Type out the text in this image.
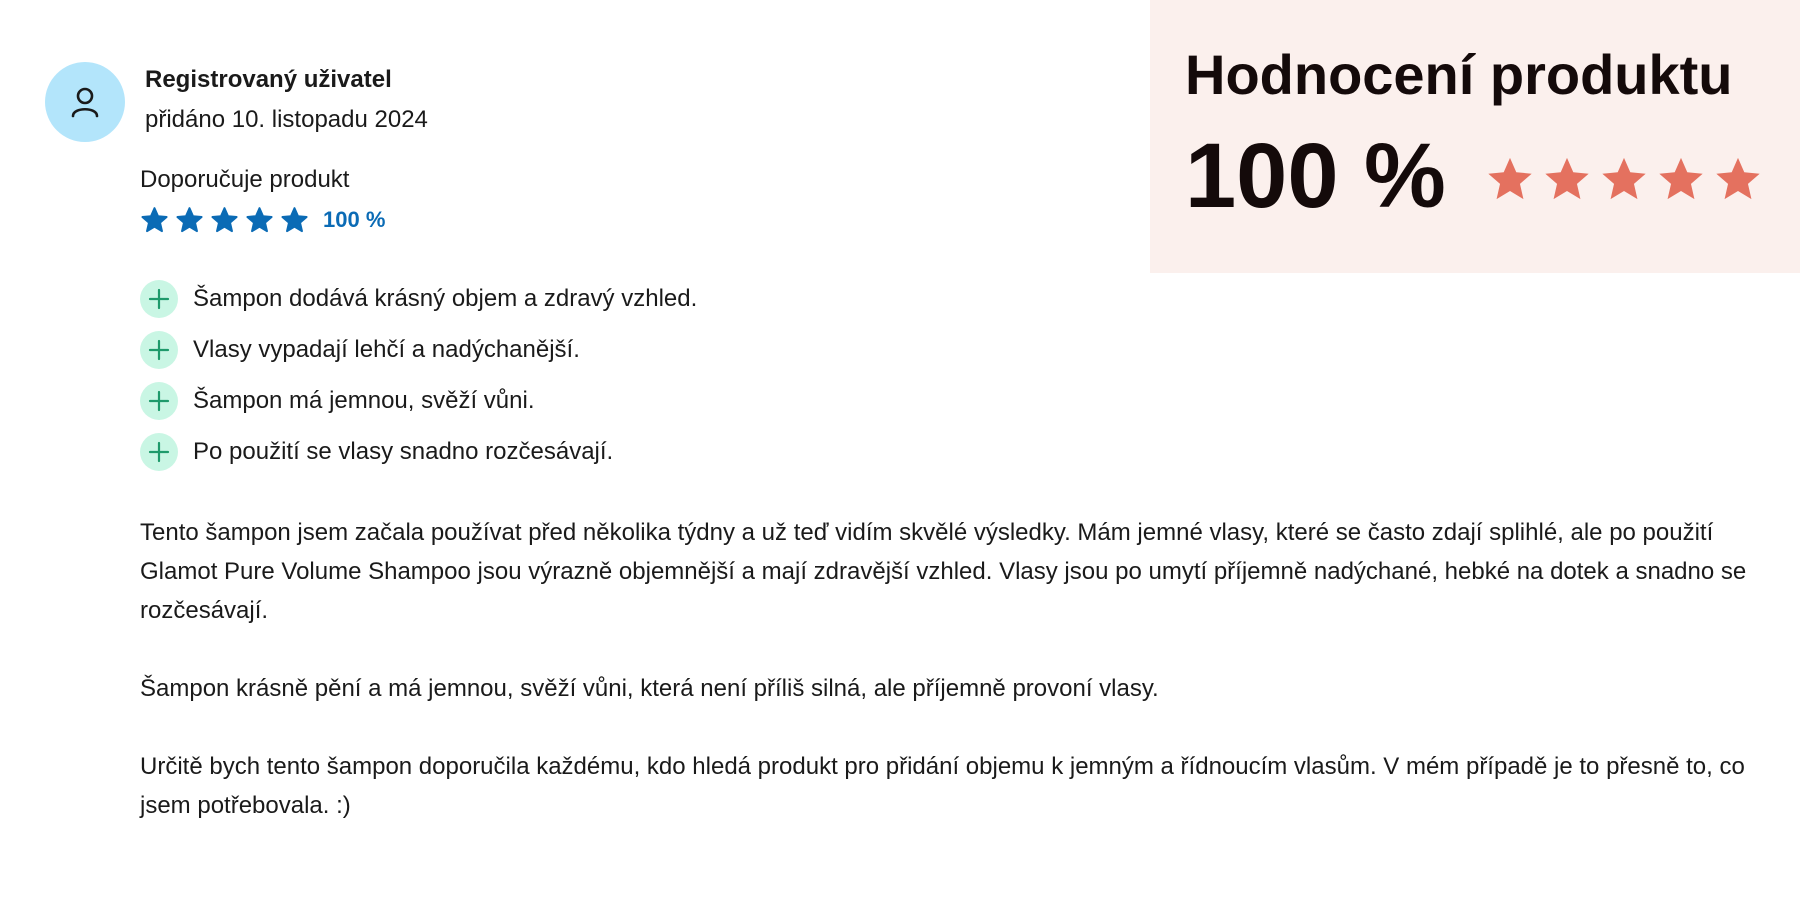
Registrovaný uživatel
přidáno 10. listopadu 2024
Doporučuje produkt
100 %
Šampon dodává krásný objem a zdravý vzhled.
Vlasy vypadají lehčí a nadýchanější.
Šampon má jemnou, svěží vůni.
Po použití se vlasy snadno rozčesávají.

Tento šampon jsem začala používat před několika týdny a už teď vidím skvělé výsledky. Mám jemné vlasy, které se často zdají splihlé, ale po použití Glamot Pure Volume Shampoo jsou výrazně objemnější a mají zdravější vzhled. Vlasy jsou po umytí příjemně nadýchané, hebké na dotek a snadno se rozčesávají.

Šampon krásně pění a má jemnou, svěží vůni, která není příliš silná, ale příjemně provoní vlasy.

Určitě bych tento šampon doporučila každému, kdo hledá produkt pro přidání objemu k jemným a řídnoucím vlasům. V mém případě je to přesně to, co jsem potřebovala. :)

Hodnocení produktu
100 %
